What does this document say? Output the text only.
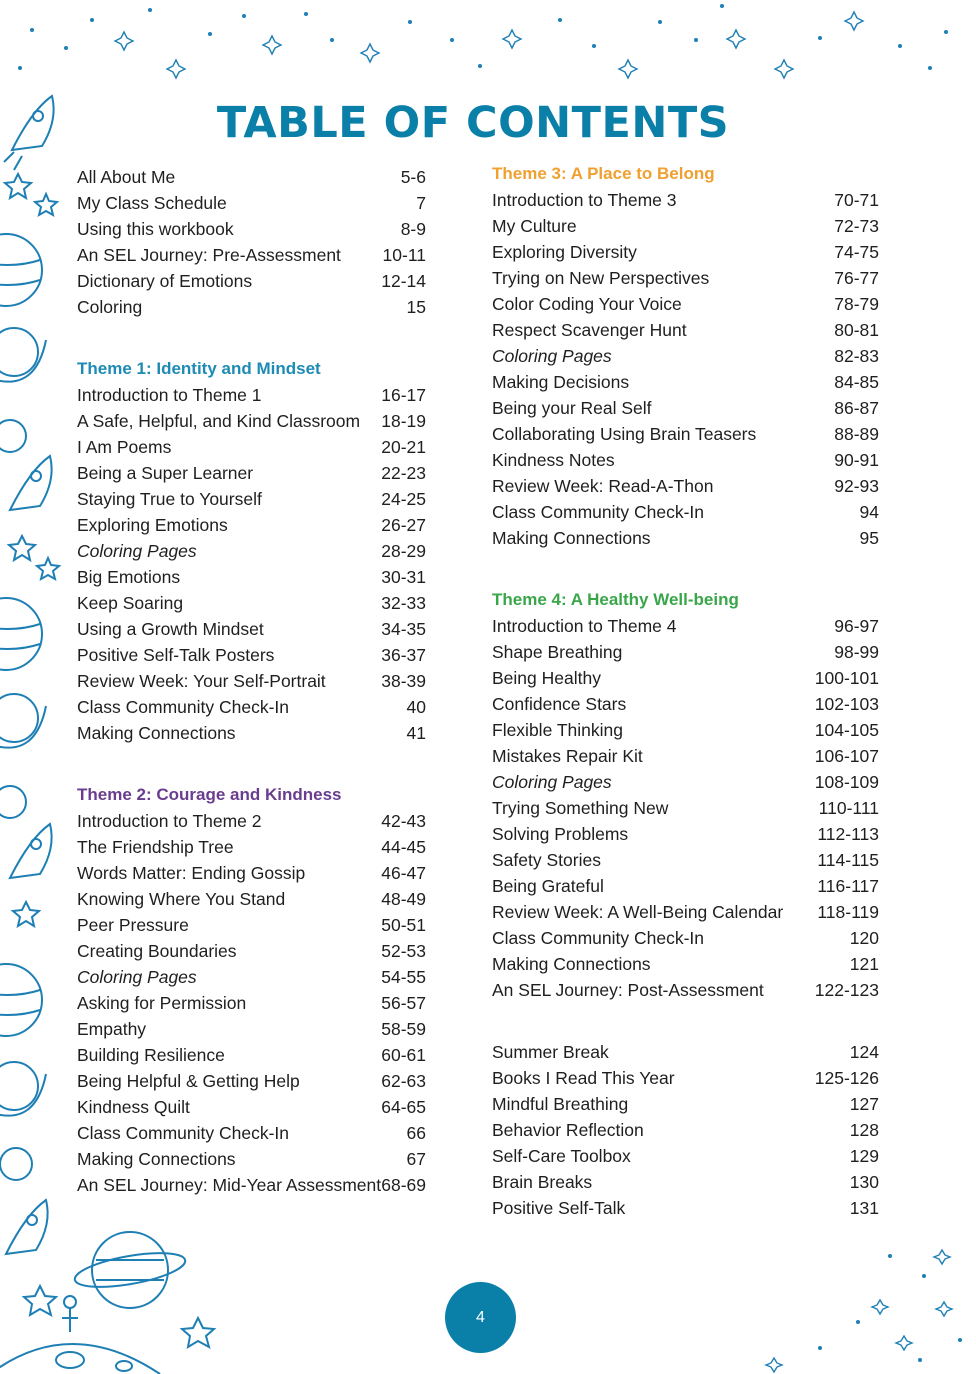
TABLE OF CONTENTS
All About Me	5-6
My Class Schedule	7
Using this workbook	8-9
An SEL Journey: Pre-Assessment 10-11
Dictionary of Emotions	12-14
Coloring	15
Theme 1: Identity and Mindset
Introduction to Theme 1	16-17
A Safe, Helpful, and Kind Classroom 18-19
I Am Poems	20-21
Being a Super Learner	22-23
Staying True to Yourself	24-25
Exploring Emotions	26-27
Coloring Pages	28-29
Big Emotions	30-31
Keep Soaring	32-33
Using a Growth Mindset	34-35
Positive Self-Talk Posters	36-37
Review Week: Your Self-Portrait	38-39
Class Community Check-In	40
Making Connections	41
Theme 2: Courage and Kindness
Introduction to Theme 2	42-43
The Friendship Tree	44-45
Words Matter: Ending Gossip	46-47
Knowing Where You Stand	48-49
Peer Pressure	50-51
Creating Boundaries	52-53
Coloring Pages	54-55
Asking for Permission	56-57
Empathy	58-59
Building Resilience	60-61
Being Helpful & Getting Help	62-63
Kindness Quilt	64-65
Class Community Check-In	66
Making Connections	67
An SEL Journey: Mid-Year Assessment 68-69
Theme 3: A Place to Belong
Introduction to Theme 3	70-71
My Culture	72-73
Exploring Diversity	74-75
Trying on New Perspectives	76-77
Color Coding Your Voice	78-79
Respect Scavenger Hunt	80-81
Coloring Pages	82-83
Making Decisions	84-85
Being your Real Self	86-87
Collaborating Using Brain Teasers	88-89
Kindness Notes	90-91
Review Week: Read-A-Thon	92-93
Class Community Check-In	94
Making Connections	95
Theme 4: A Healthy Well-being
Introduction to Theme 4	96-97
Shape Breathing	98-99
Being Healthy	100-101
Confidence Stars	102-103
Flexible Thinking	104-105
Mistakes Repair Kit	106-107
Coloring Pages	108-109
Trying Something New	110-111
Solving Problems	112-113
Safety Stories	114-115
Being Grateful	116-117
Review Week: A Well-Being Calendar 118-119
Class Community Check-In	120
Making Connections	121
An SEL Journey: Post-Assessment	122-123
Summer Break	124
Books I Read This Year	125-126
Mindful Breathing	127
Behavior Reflection	128
Self-Care Toolbox	129
Brain Breaks	130
Positive Self-Talk	131
4
